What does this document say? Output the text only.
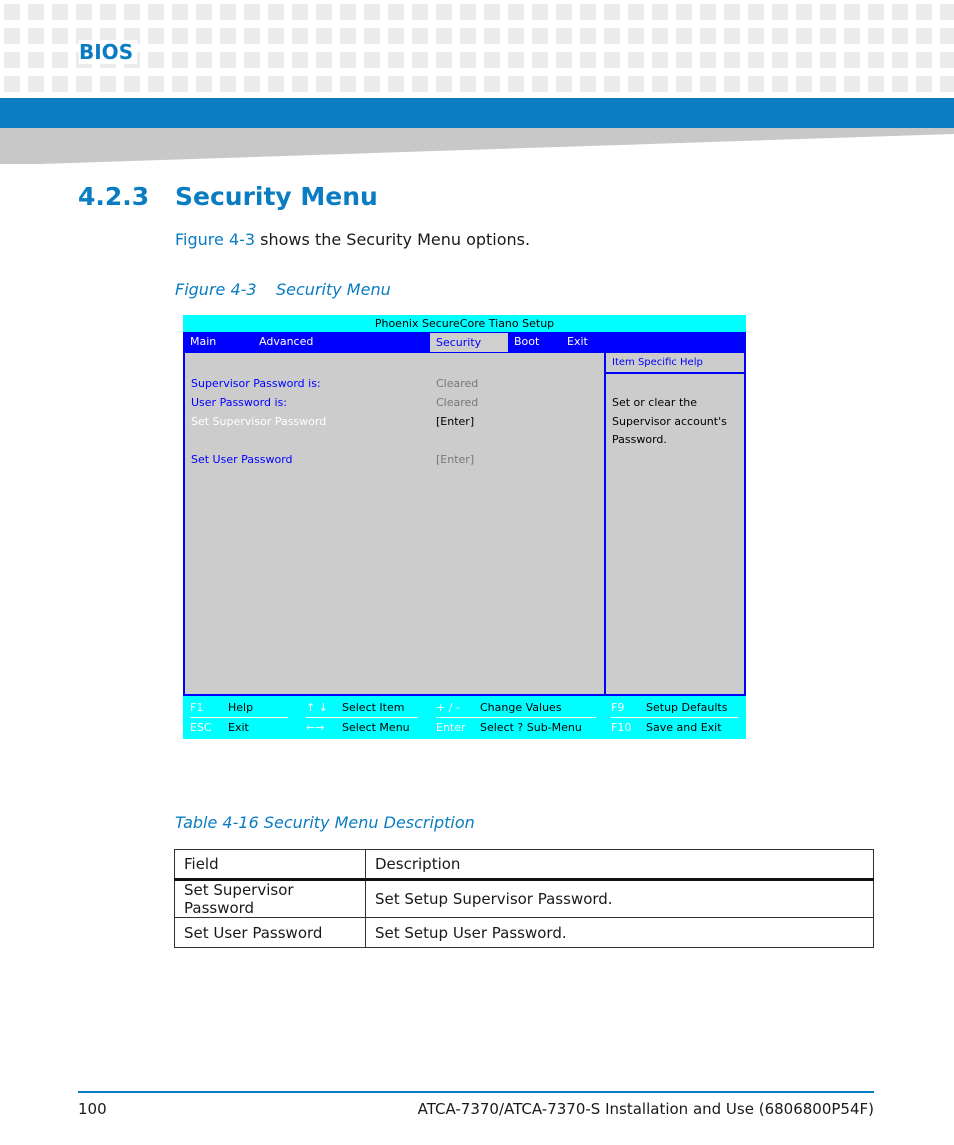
BIOS
4.2.3 Security Menu
Figure 4-3 shows the Security Menu options.
Figure 4-3 Security Menu
Phoenix SecureCore Tiano Setup
Main	Advanced	Security	Boot	Exit
Item Specific Help
Supervisor Password is:	Cleared
User Password is:	Cleared
Set Supervisor Password	[Enter]
Set User Password	[Enter]
Set or clear the
Supervisor account's
Password.
F1 Help	↑ ↓ Select Item	+ / - Change Values	F9 Setup Defaults
ESC Exit	←→ Select Menu Enter Select ? Sub-Menu	F10 Save and Exit
Table 4-16 Security Menu Description
Field	Description
Set Supervisor Password	Set Setup Supervisor Password.
Set User Password	Set Setup User Password.
100	ATCA-7370/ATCA-7370-S Installation and Use (6806800P54F)
